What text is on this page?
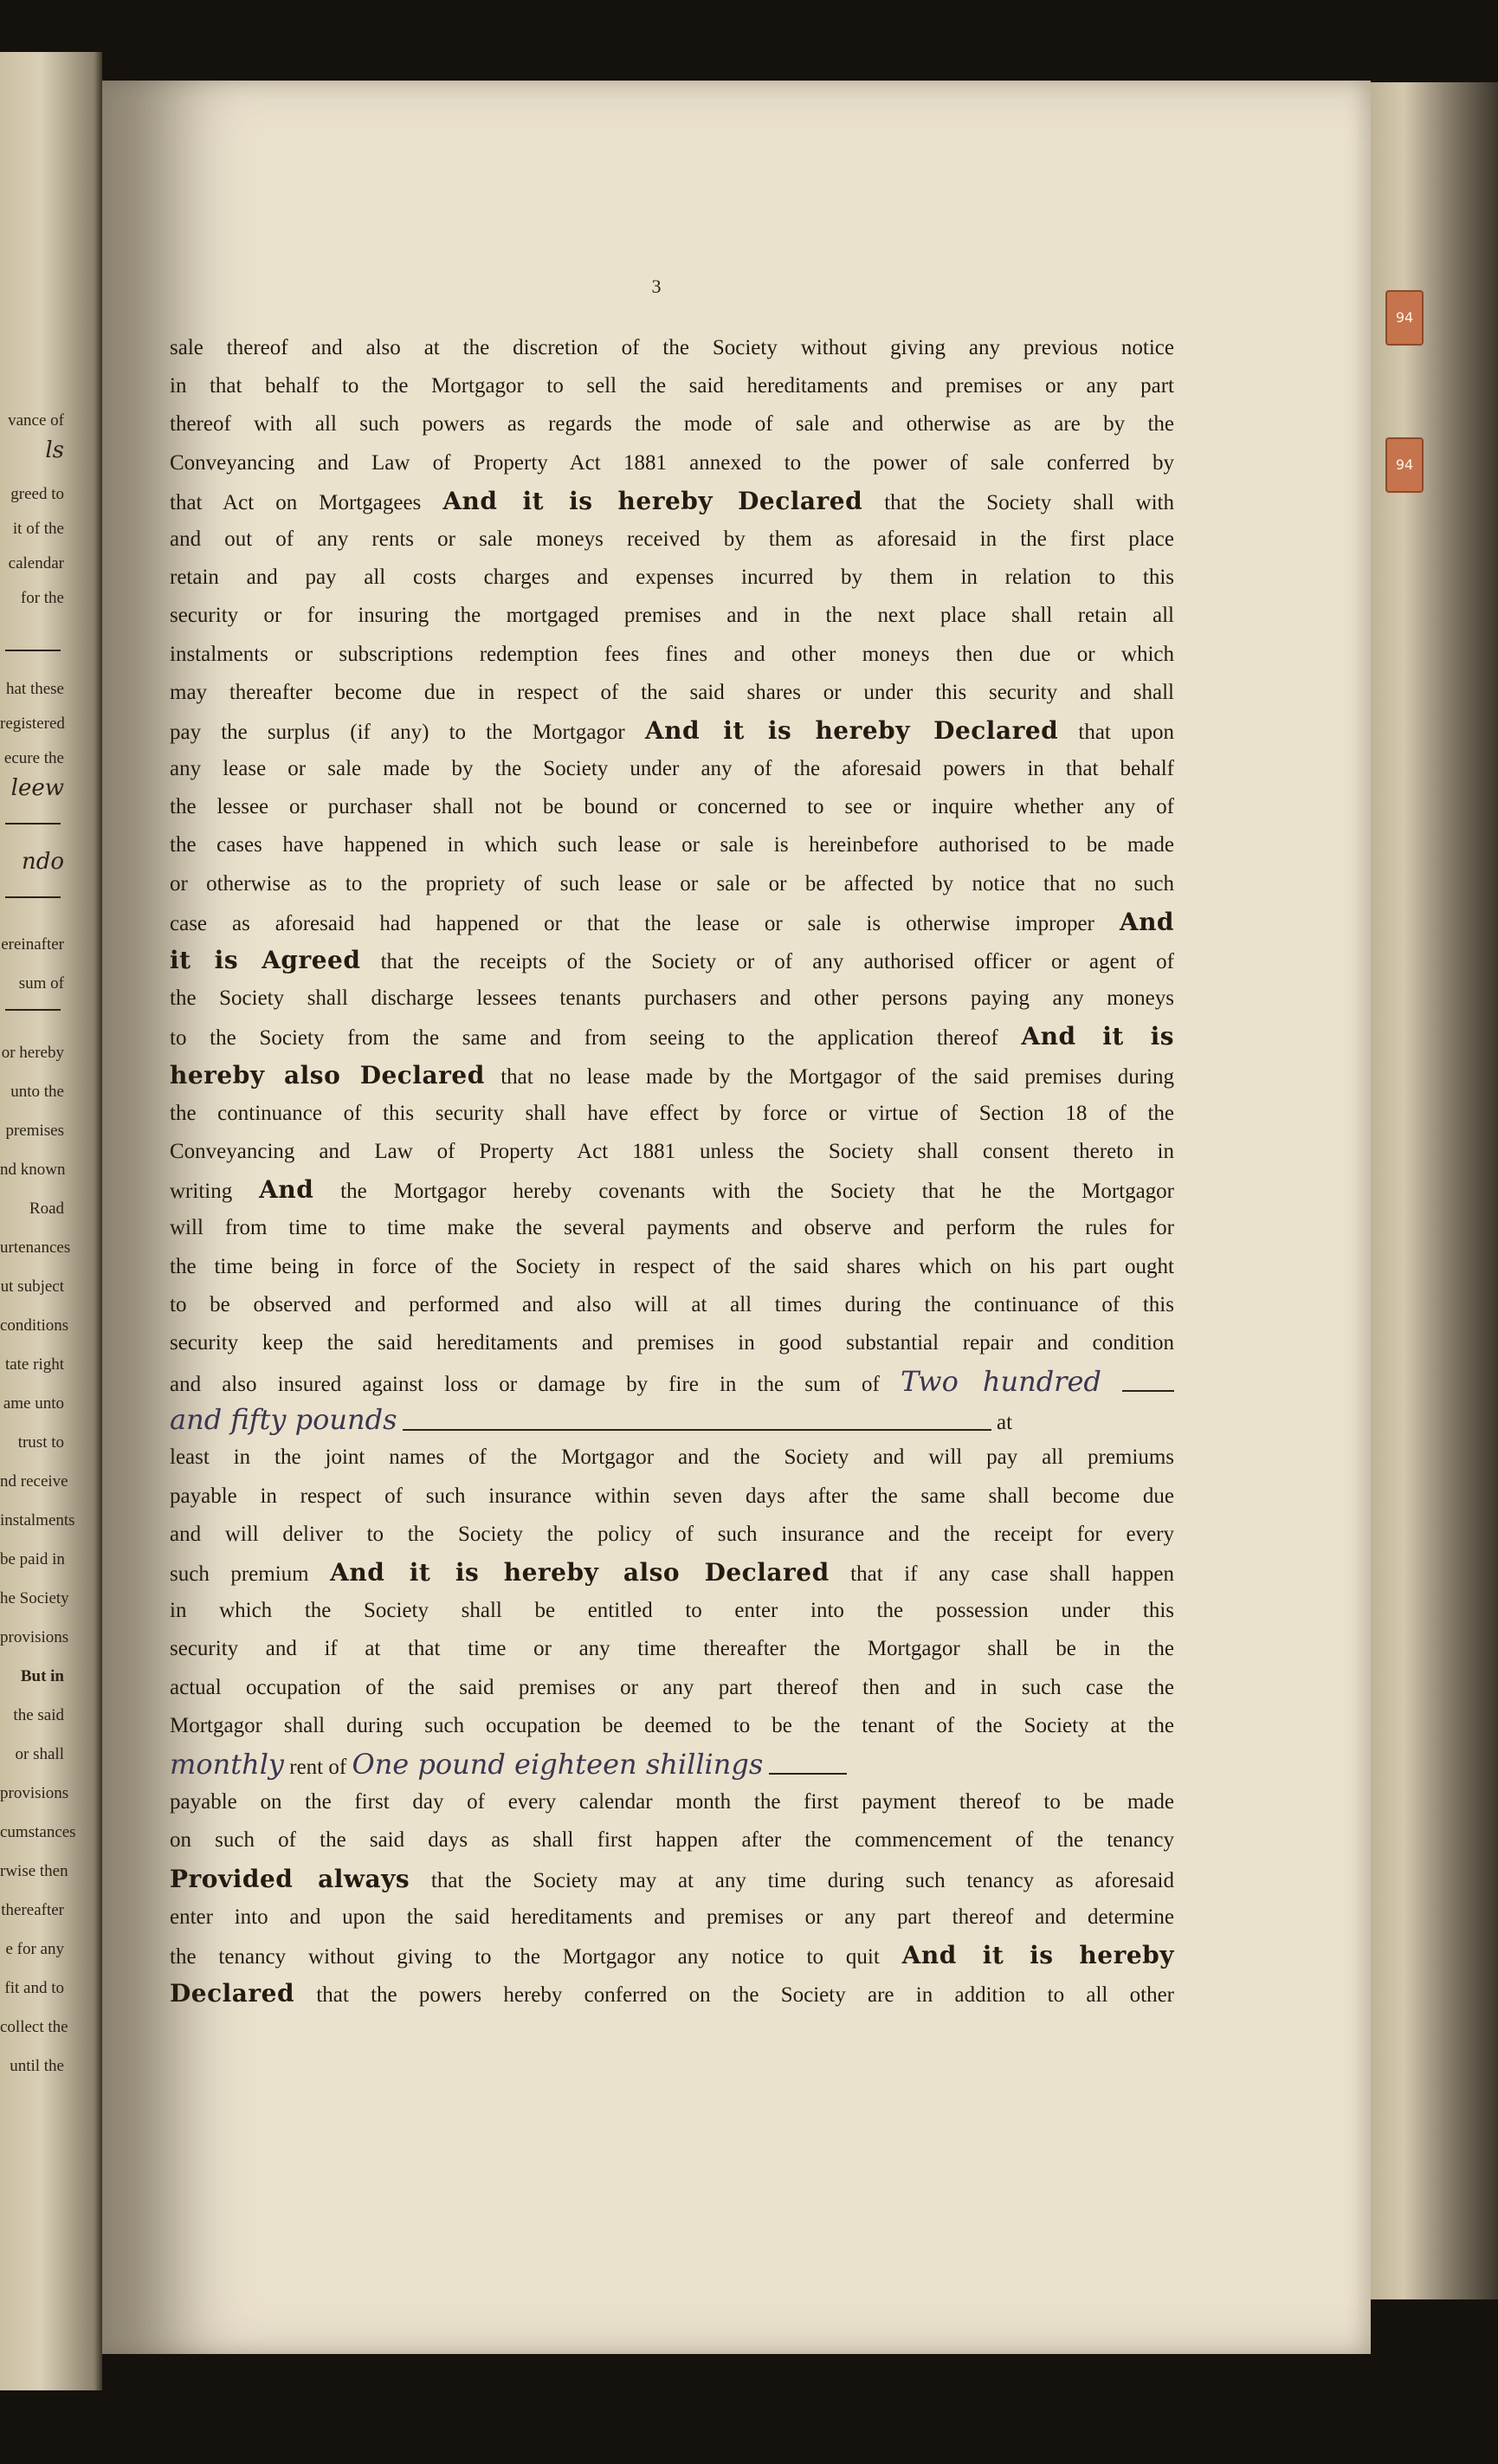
vance of
ls
greed to
it of the
calendar
for the
hat these
registered
ecure the
leew
ndo
ereinafter
sum of
or hereby
unto the
premises
nd known
Road
urtenances
ut subject
conditions
tate right
ame unto
trust to
nd receive
instalments
be paid in
he Society
provisions
But in
the said
or shall
provisions
cumstances
rwise then
thereafter
e for any
fit and to
collect the
until the
94
94
3
sale thereof and also at the discretion of the Society without giving any previous notice
in that behalf to the Mortgagor to sell the said hereditaments and premises or any part
thereof with all such powers as regards the mode of sale and otherwise as are by the
Conveyancing and Law of Property Act 1881 annexed to the power of sale conferred by
that Act on Mortgagees And it is hereby Declared that the Society shall with
and out of any rents or sale moneys received by them as aforesaid in the first place
retain and pay all costs charges and expenses incurred by them in relation to this
security or for insuring the mortgaged premises and in the next place shall retain all
instalments or subscriptions redemption fees fines and other moneys then due or which
may thereafter become due in respect of the said shares or under this security and shall
pay the surplus (if any) to the Mortgagor And it is hereby Declared that upon
any lease or sale made by the Society under any of the aforesaid powers in that behalf
the lessee or purchaser shall not be bound or concerned to see or inquire whether any of
the cases have happened in which such lease or sale is hereinbefore authorised to be made
or otherwise as to the propriety of such lease or sale or be affected by notice that no such
case as aforesaid had happened or that the lease or sale is otherwise improper And
it is Agreed that the receipts of the Society or of any authorised officer or agent of
the Society shall discharge lessees tenants purchasers and other persons paying any moneys
to the Society from the same and from seeing to the application thereof And it is
hereby also Declared that no lease made by the Mortgagor of the said premises during
the continuance of this security shall have effect by force or virtue of Section 18 of the
Conveyancing and Law of Property Act 1881 unless the Society shall consent thereto in
writing And the Mortgagor hereby covenants with the Society that he the Mortgagor
will from time to time make the several payments and observe and perform the rules for
the time being in force of the Society in respect of the said shares which on his part ought
to be observed and performed and also will at all times during the continuance of this
security keep the said hereditaments and premises in good substantial repair and condition
and also insured against loss or damage by fire in the sum of Two hundred
and fifty pounds	at
least in the joint names of the Mortgagor and the Society and will pay all premiums
payable in respect of such insurance within seven days after the same shall become due
and will deliver to the Society the policy of such insurance and the receipt for every
such premium And it is hereby also Declared that if any case shall happen
in which the Society shall be entitled to enter into the possession under this
security and if at that time or any time thereafter the Mortgagor shall be in the
actual occupation of the said premises or any part thereof then and in such case the
Mortgagor shall during such occupation be deemed to be the tenant of the Society at the
monthly rent of One pound eighteen shillings
payable on the first day of every calendar month the first payment thereof to be made
on such of the said days as shall first happen after the commencement of the tenancy
Provided always that the Society may at any time during such tenancy as aforesaid
enter into and upon the said hereditaments and premises or any part thereof and determine
the tenancy without giving to the Mortgagor any notice to quit And it is hereby
Declared that the powers hereby conferred on the Society are in addition to all other
